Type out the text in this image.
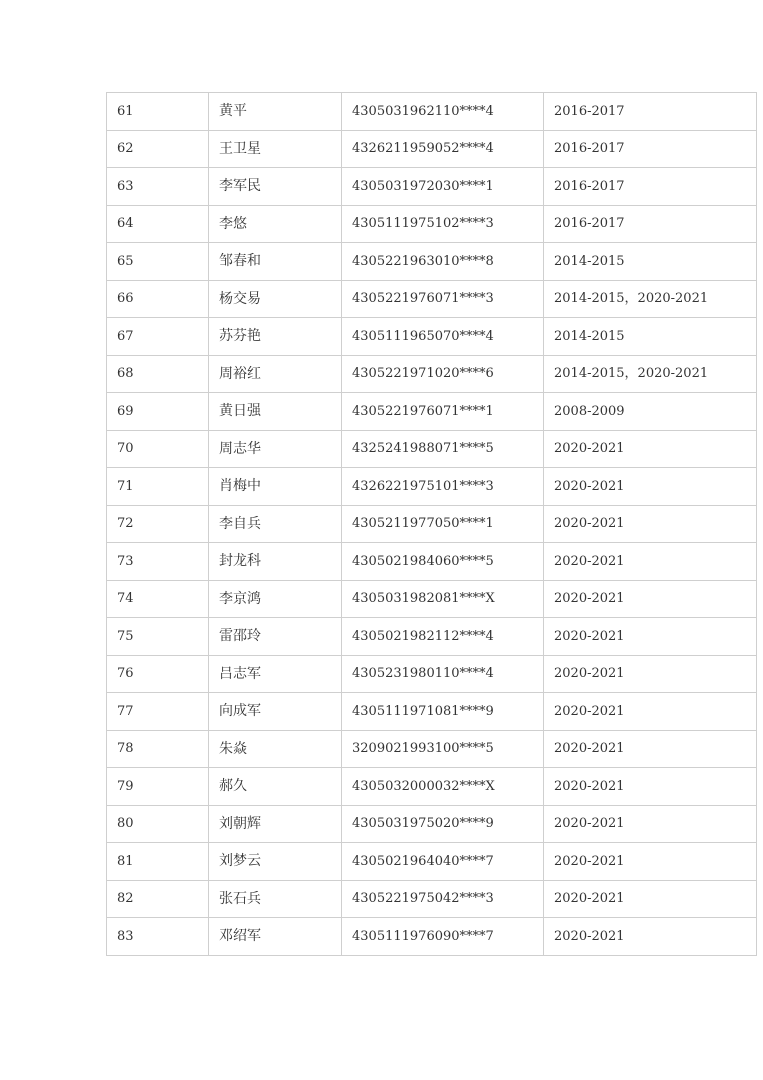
61	黄平	4305031962110****4	2016-2017
62	王卫星	4326211959052****4	2016-2017
63	李军民	4305031972030****1	2016-2017
64	李悠	4305111975102****3	2016-2017
65	邹春和	4305221963010****8	2014-2015
66	杨交易	4305221976071****3	2014-2015，2020-2021
67	苏芬艳	4305111965070****4	2014-2015
68	周裕红	4305221971020****6	2014-2015，2020-2021
69	黄日强	4305221976071****1	2008-2009
70	周志华	4325241988071****5	2020-2021
71	肖梅中	4326221975101****3	2020-2021
72	李自兵	4305211977050****1	2020-2021
73	封龙科	4305021984060****5	2020-2021
74	李京鸿	4305031982081****X	2020-2021
75	雷邵玲	4305021982112****4	2020-2021
76	吕志军	4305231980110****4	2020-2021
77	向成军	4305111971081****9	2020-2021
78	朱焱	3209021993100****5	2020-2021
79	郝久	4305032000032****X	2020-2021
80	刘朝辉	4305031975020****9	2020-2021
81	刘梦云	4305021964040****7	2020-2021
82	张石兵	4305221975042****3	2020-2021
83	邓绍军	4305111976090****7	2020-2021
